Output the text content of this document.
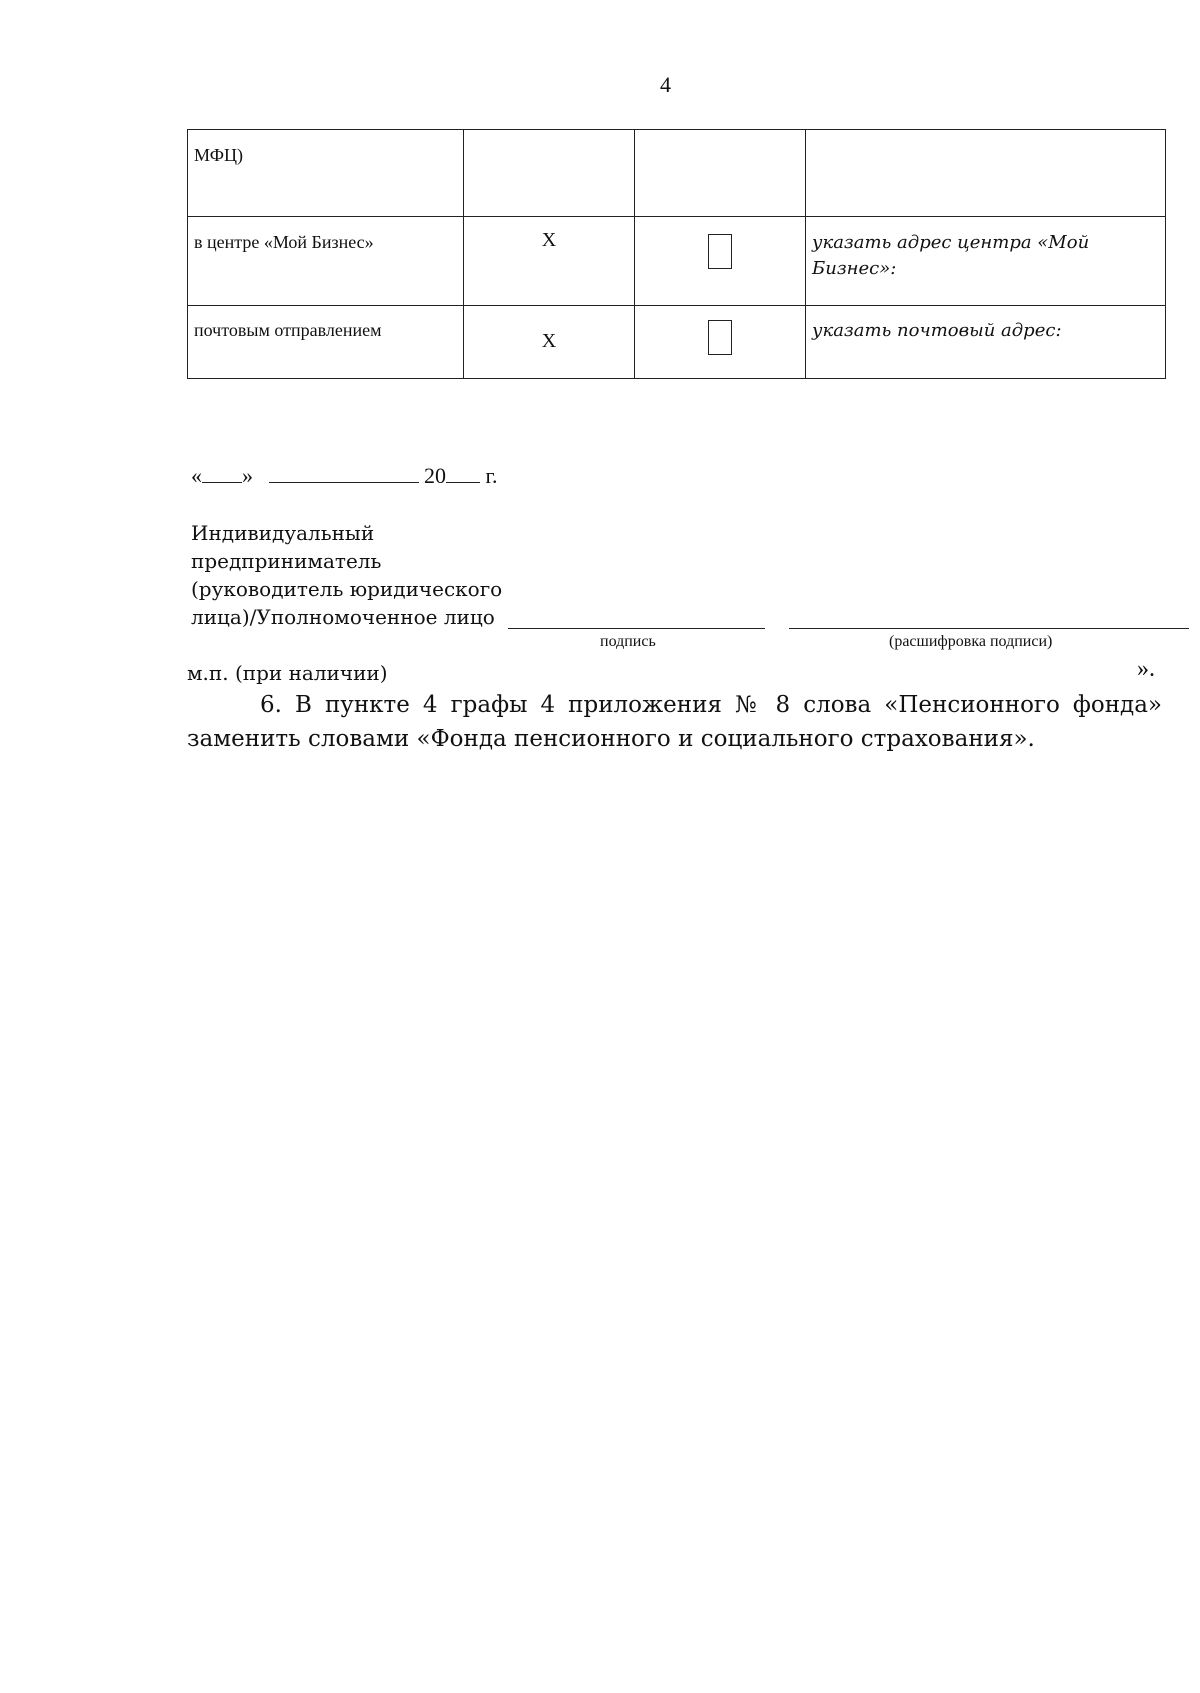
4
МФЦ)			

в центре «Мой Бизнес»	X		указать адрес центра «Мой Бизнес»:

почтовым отправлением	X		указать почтовый адрес:
« »	20 г.
Индивидуальный
предприниматель
(руководитель юридического
лица)/Уполномоченное лицо
подпись	(расшифровка подписи)
м.п. (при наличии)	».
6. В пункте 4 графы 4 приложения № 8 слова «Пенсионного фонда»
заменить словами «Фонда пенсионного и социального страхования».
